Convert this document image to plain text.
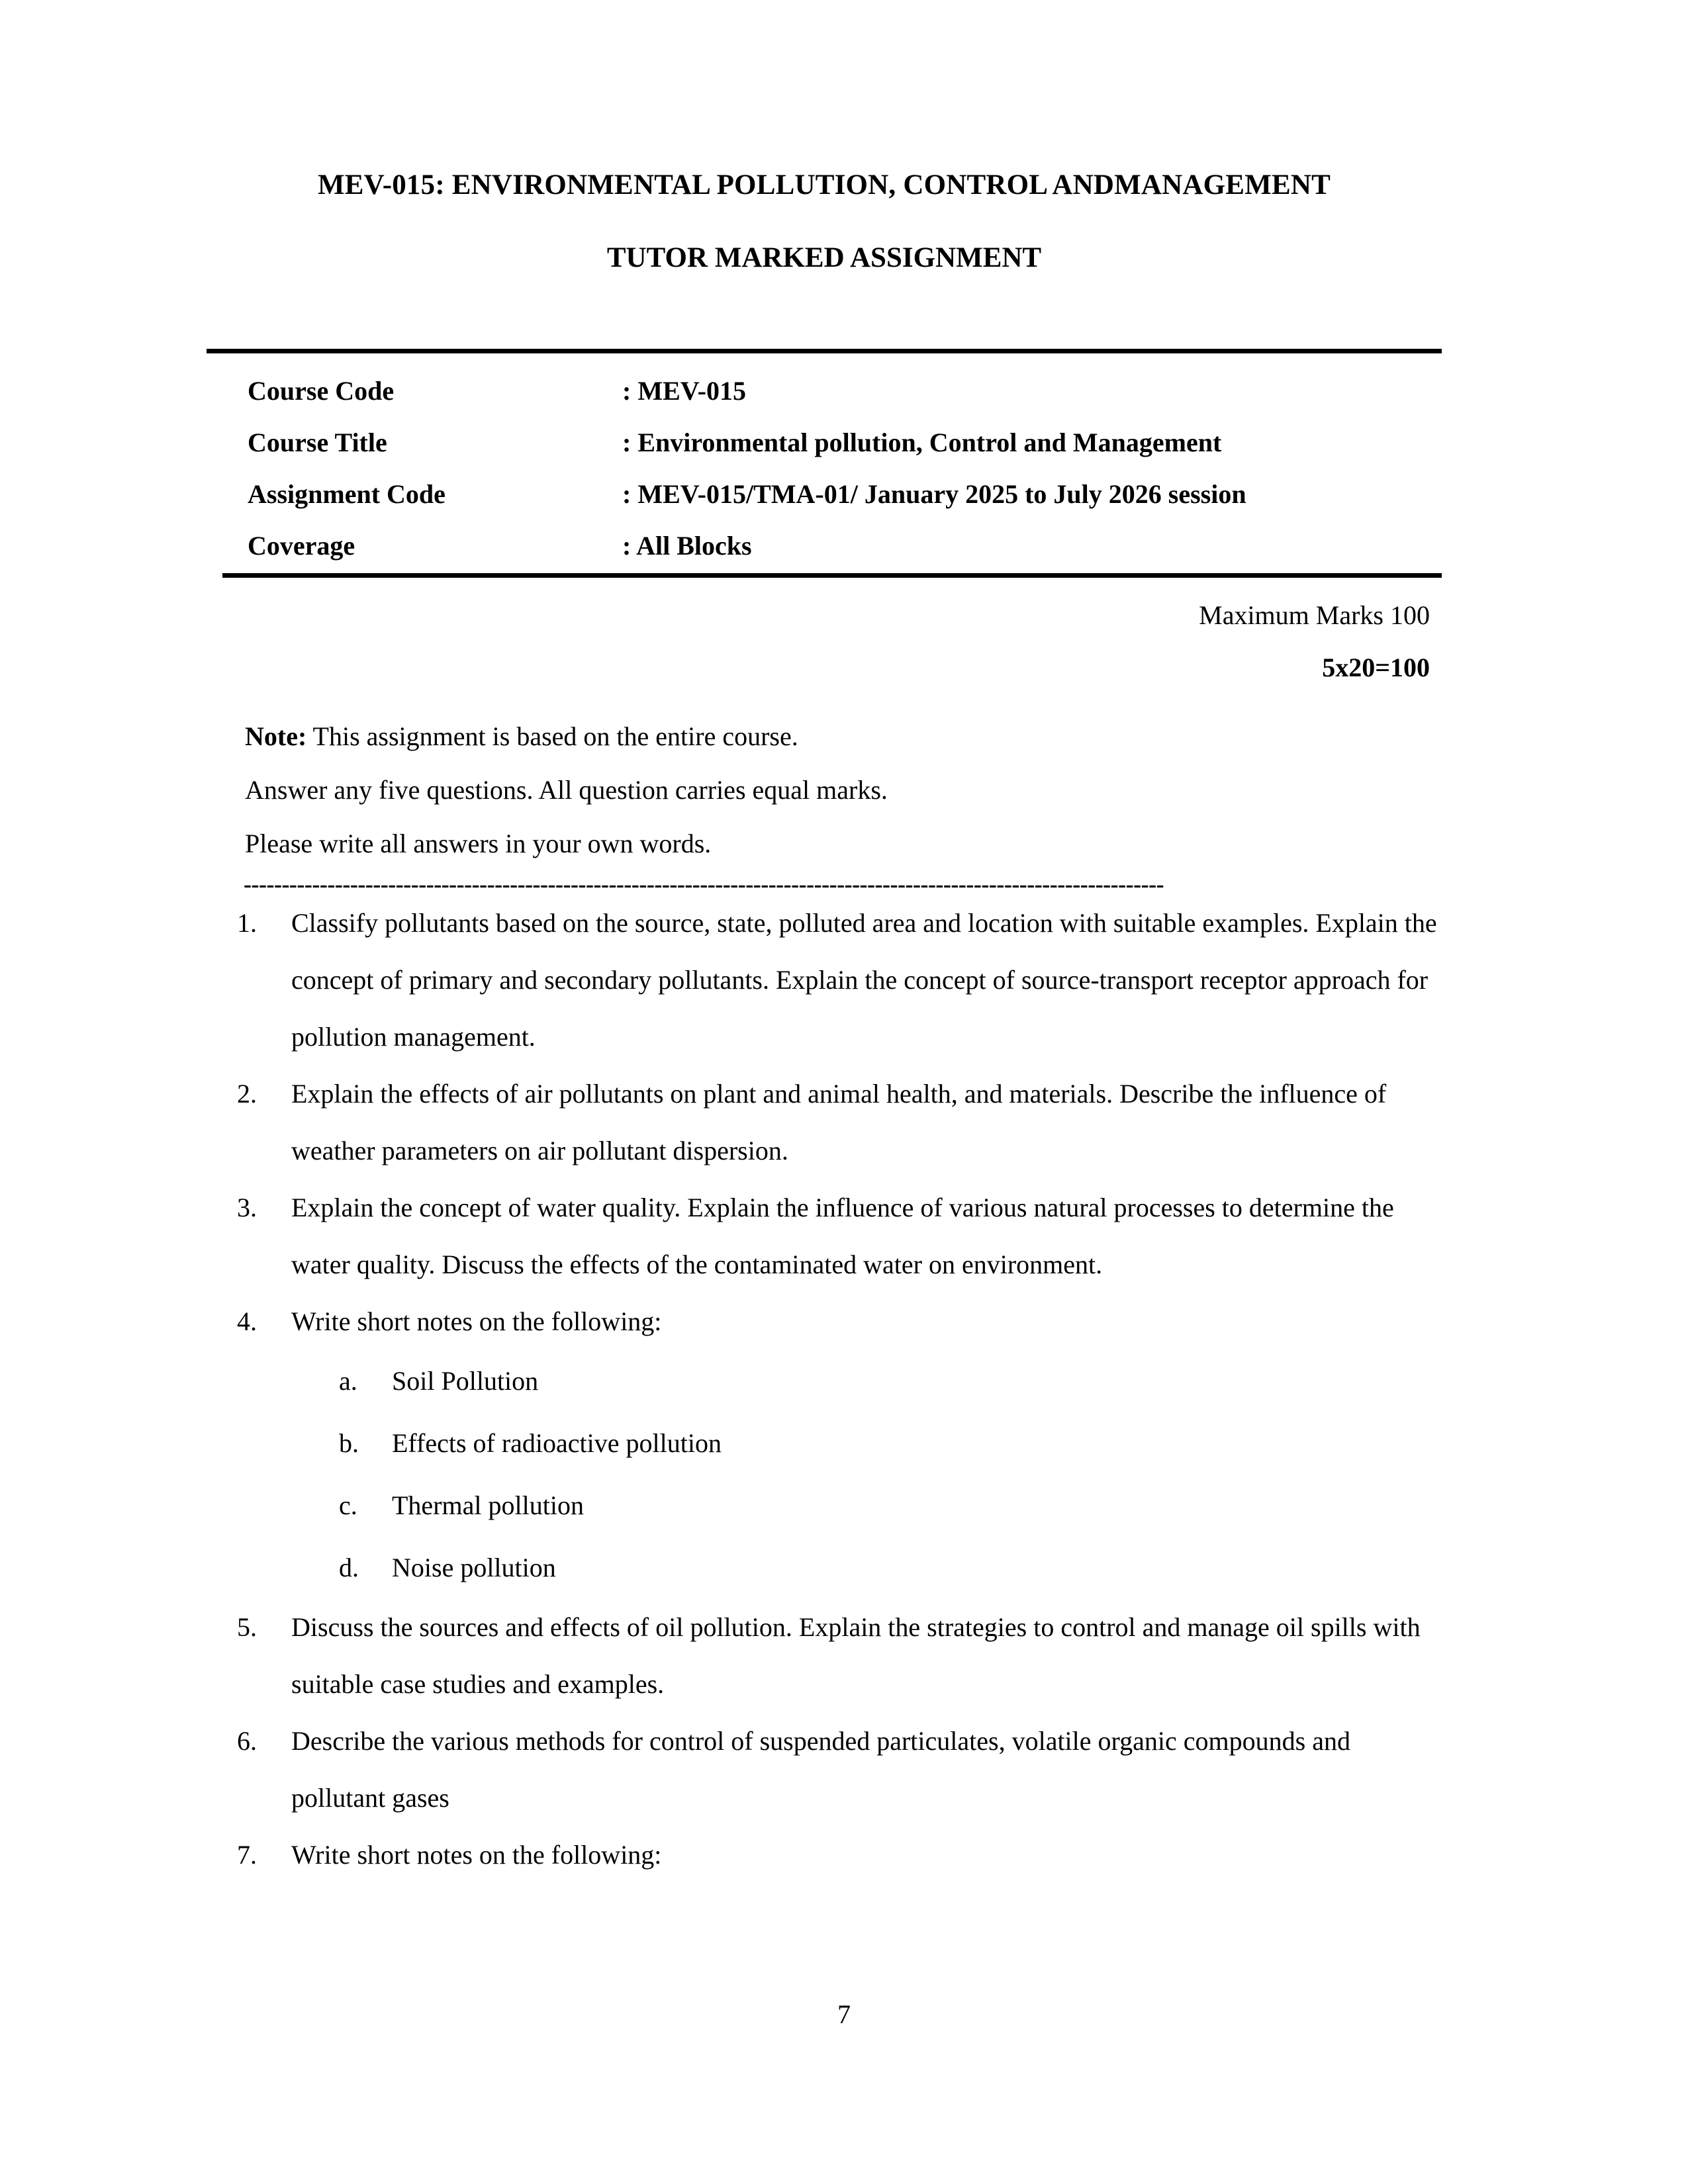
MEV-015: ENVIRONMENTAL POLLUTION, CONTROL ANDMANAGEMENT
TUTOR MARKED ASSIGNMENT
Course Code	: MEV-015
Course Title	: Environmental pollution, Control and Management
Assignment Code	: MEV-015/TMA-01/ January 2025 to July 2026 session
Coverage	: All Blocks
Maximum Marks 100
5x20=100
Note: This assignment is based on the entire course.
Answer any five questions. All question carries equal marks.
Please write all answers in your own words.
-------------------------------------------------------------------------------------------------------------------------
1.	Classify pollutants based on the source, state, polluted area and location with suitable examples. Explain the concept of primary and secondary pollutants. Explain the concept of source-transport receptor approach for pollution management.
2.	Explain the effects of air pollutants on plant and animal health, and materials. Describe the influence of weather parameters on air pollutant dispersion.
3.	Explain the concept of water quality. Explain the influence of various natural processes to determine the water quality. Discuss the effects of the contaminated water on environment.
4.	Write short notes on the following:
a. Soil Pollution
b. Effects of radioactive pollution
c. Thermal pollution
d. Noise pollution
5.	Discuss the sources and effects of oil pollution. Explain the strategies to control and manage oil spills with suitable case studies and examples.
6.	Describe the various methods for control of suspended particulates, volatile organic compounds and pollutant gases
7.	Write short notes on the following:
7
